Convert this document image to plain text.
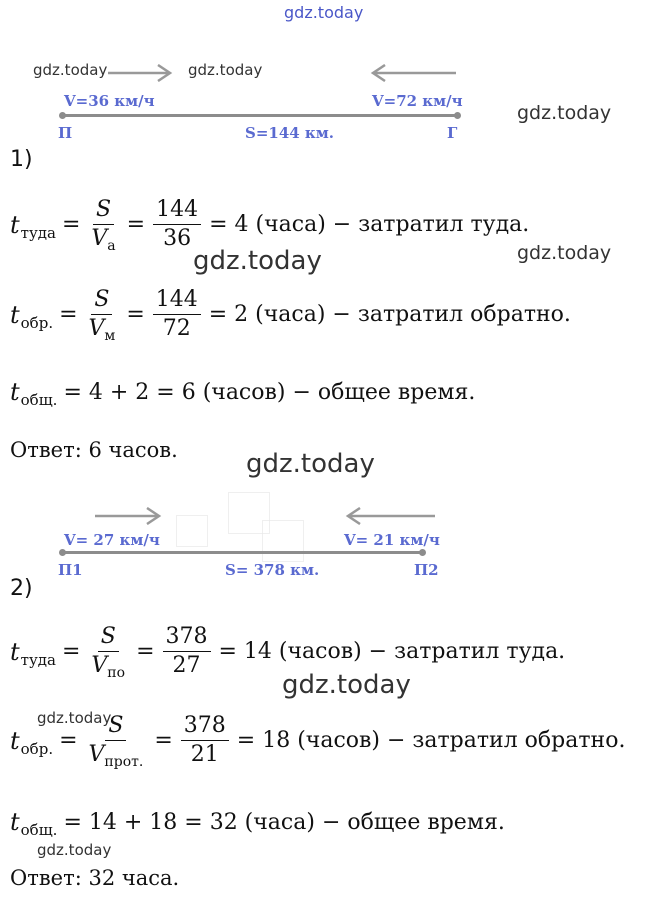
gdz.today
gdz.today	gdz.today
gdz.today
gdz.today
gdz.today
gdz.today
gdz.today
gdz.today
gdz.today
V=36 км/ч	V=72 км/ч
П	S=144 км.	Г
1)
t туда = $\frac{S}{V_a} = \frac{144}{36} = 4$ (часа) − затратил туда.
t обр. = $\frac{S}{V_м} = \frac{144}{72} = 2$ (часа) − затратил обратно.
t общ. = 4 + 2 = 6 (часов) − общее время.
Ответ: 6 часов.
V= 27 км/ч	V= 21 км/ч
П1	S= 378 км.	П2
2)
t туда = $\frac{S}{V_{по}} = \frac{378}{27} = 14$ (часов) − затратил туда.
t обр. = $\frac{S}{V_{прот.}} = \frac{378}{21} = 18$ (часов) − затратил обратно.
t общ. = 14 + 18 = 32 (часа) − общее время.
Ответ: 32 часа.
